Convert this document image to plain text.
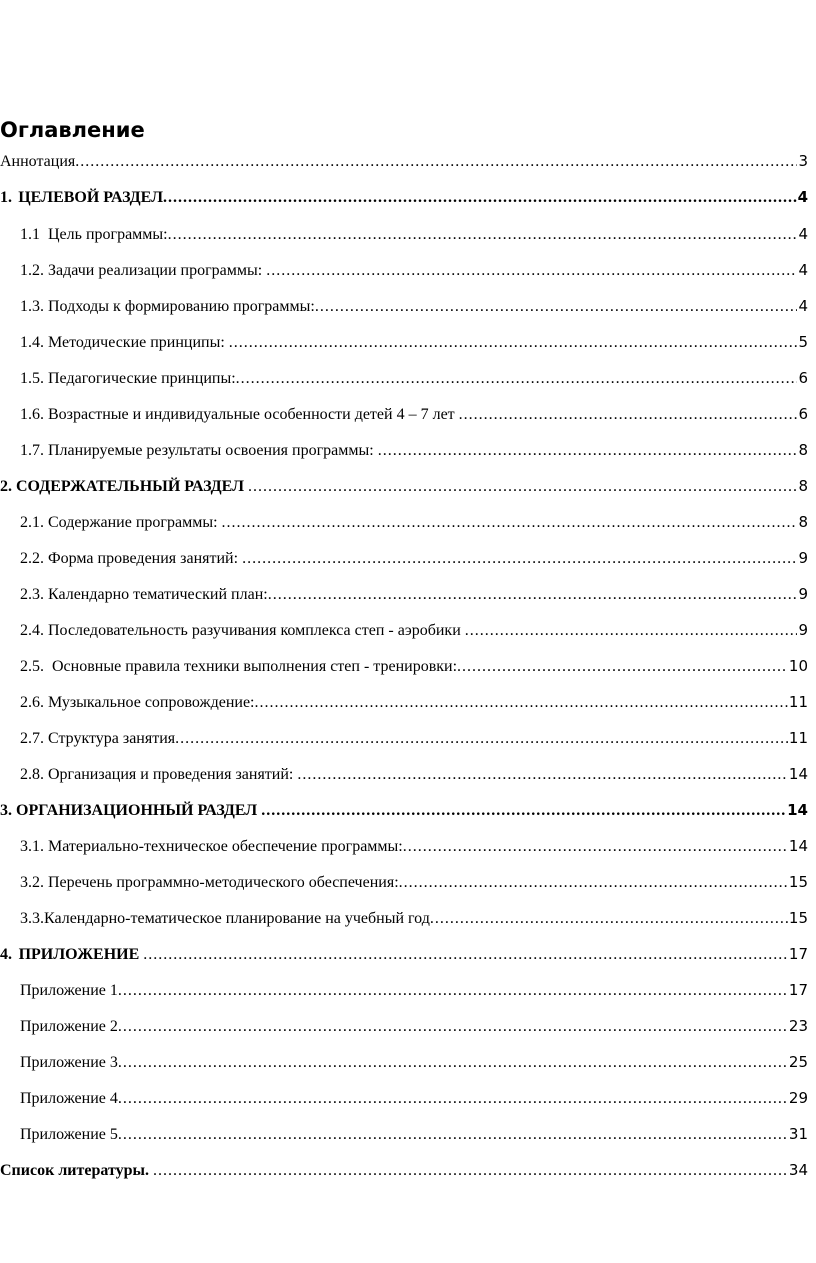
Оглавление
Аннотация .....	3
1. ЦЕЛЕВОЙ РАЗДЕЛ .....	4
1.1  Цель программы: .....	4
1.2. Задачи реализации программы: .....	4
1.3. Подходы к формированию программы: .....	4
1.4. Методические принципы: .....	5
1.5. Педагогические принципы: .....	6
1.6. Возрастные и индивидуальные особенности детей 4 – 7 лет .....	6
1.7. Планируемые результаты освоения программы: .....	8
2. СОДЕРЖАТЕЛЬНЫЙ РАЗДЕЛ .....	8
2.1. Содержание программы: .....	8
2.2. Форма проведения занятий: .....	9
2.3. Календарно тематический план: .....	9
2.4. Последовательность разучивания комплекса степ - аэробики .....	9
2.5.  Основные правила техники выполнения степ - тренировки: .....	10
2.6. Музыкальное сопровождение: .....	11
2.7. Структура занятия .....	11
2.8. Организация и проведения занятий: .....	14
3. ОРГАНИЗАЦИОННЫЙ РАЗДЕЛ .....	14
3.1. Материально-техническое обеспечение программы: .....	14
3.2. Перечень программно-методического обеспечения: .....	15
3.3. Календарно-тематическое планирование на учебный год .....	15
4. ПРИЛОЖЕНИЕ .....	17
Приложение 1 .....	17
Приложение 2 .....	23
Приложение 3 .....	25
Приложение 4 .....	29
Приложение 5 .....	31
Список литературы. .....	34
